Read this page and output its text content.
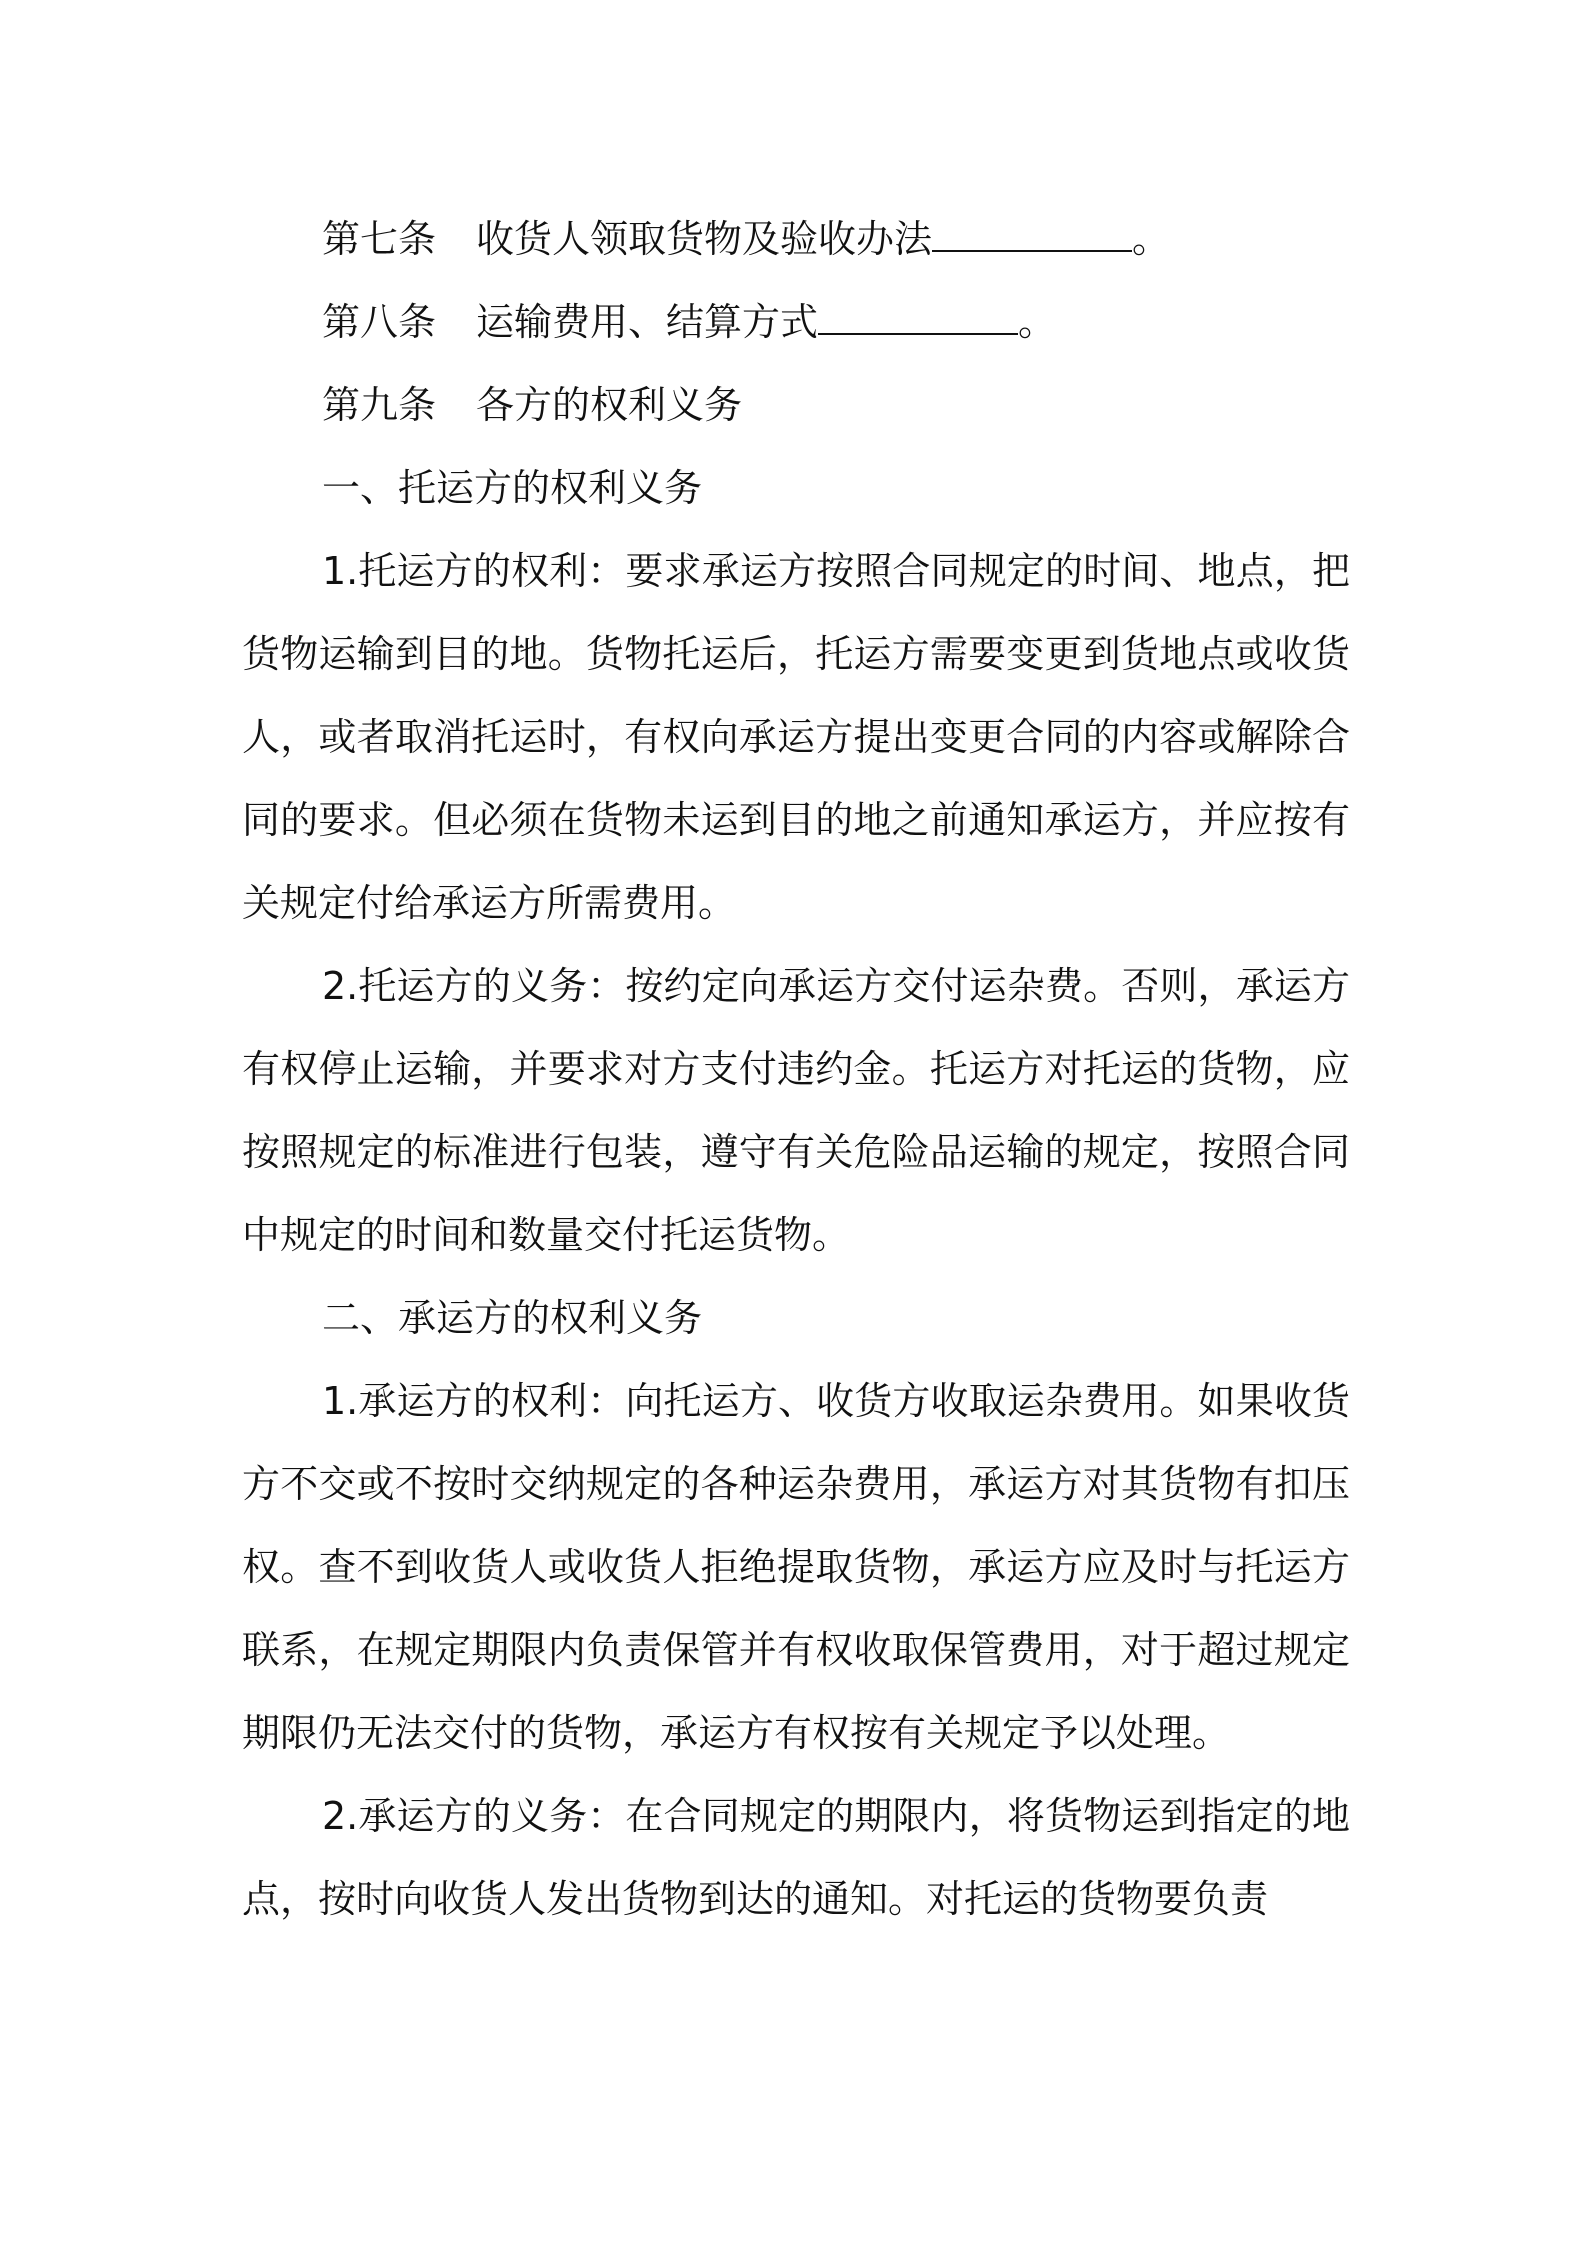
第七条 收货人领取货物及验收办法	。

第八条 运输费用、结算方式	。

第九条 各方的权利义务

一、托运方的权利义务

1.托运方的权利：要求承运方按照合同规定的时间、地点，把货物运输到目的地。货物托运后，托运方需要变更到货地点或收货人，或者取消托运时，有权向承运方提出变更合同的内容或解除合同的要求。但必须在货物未运到目的地之前通知承运方，并应按有关规定付给承运方所需费用。

2.托运方的义务：按约定向承运方交付运杂费。否则，承运方有权停止运输，并要求对方支付违约金。托运方对托运的货物，应按照规定的标准进行包装，遵守有关危险品运输的规定，按照合同中规定的时间和数量交付托运货物。

二、承运方的权利义务

1.承运方的权利：向托运方、收货方收取运杂费用。如果收货方不交或不按时交纳规定的各种运杂费用，承运方对其货物有扣压权。查不到收货人或收货人拒绝提取货物，承运方应及时与托运方联系，在规定期限内负责保管并有权收取保管费用，对于超过规定期限仍无法交付的货物，承运方有权按有关规定予以处理。

2.承运方的义务：在合同规定的期限内，将货物运到指定的地点，按时向收货人发出货物到达的通知。对托运的货物要负责
